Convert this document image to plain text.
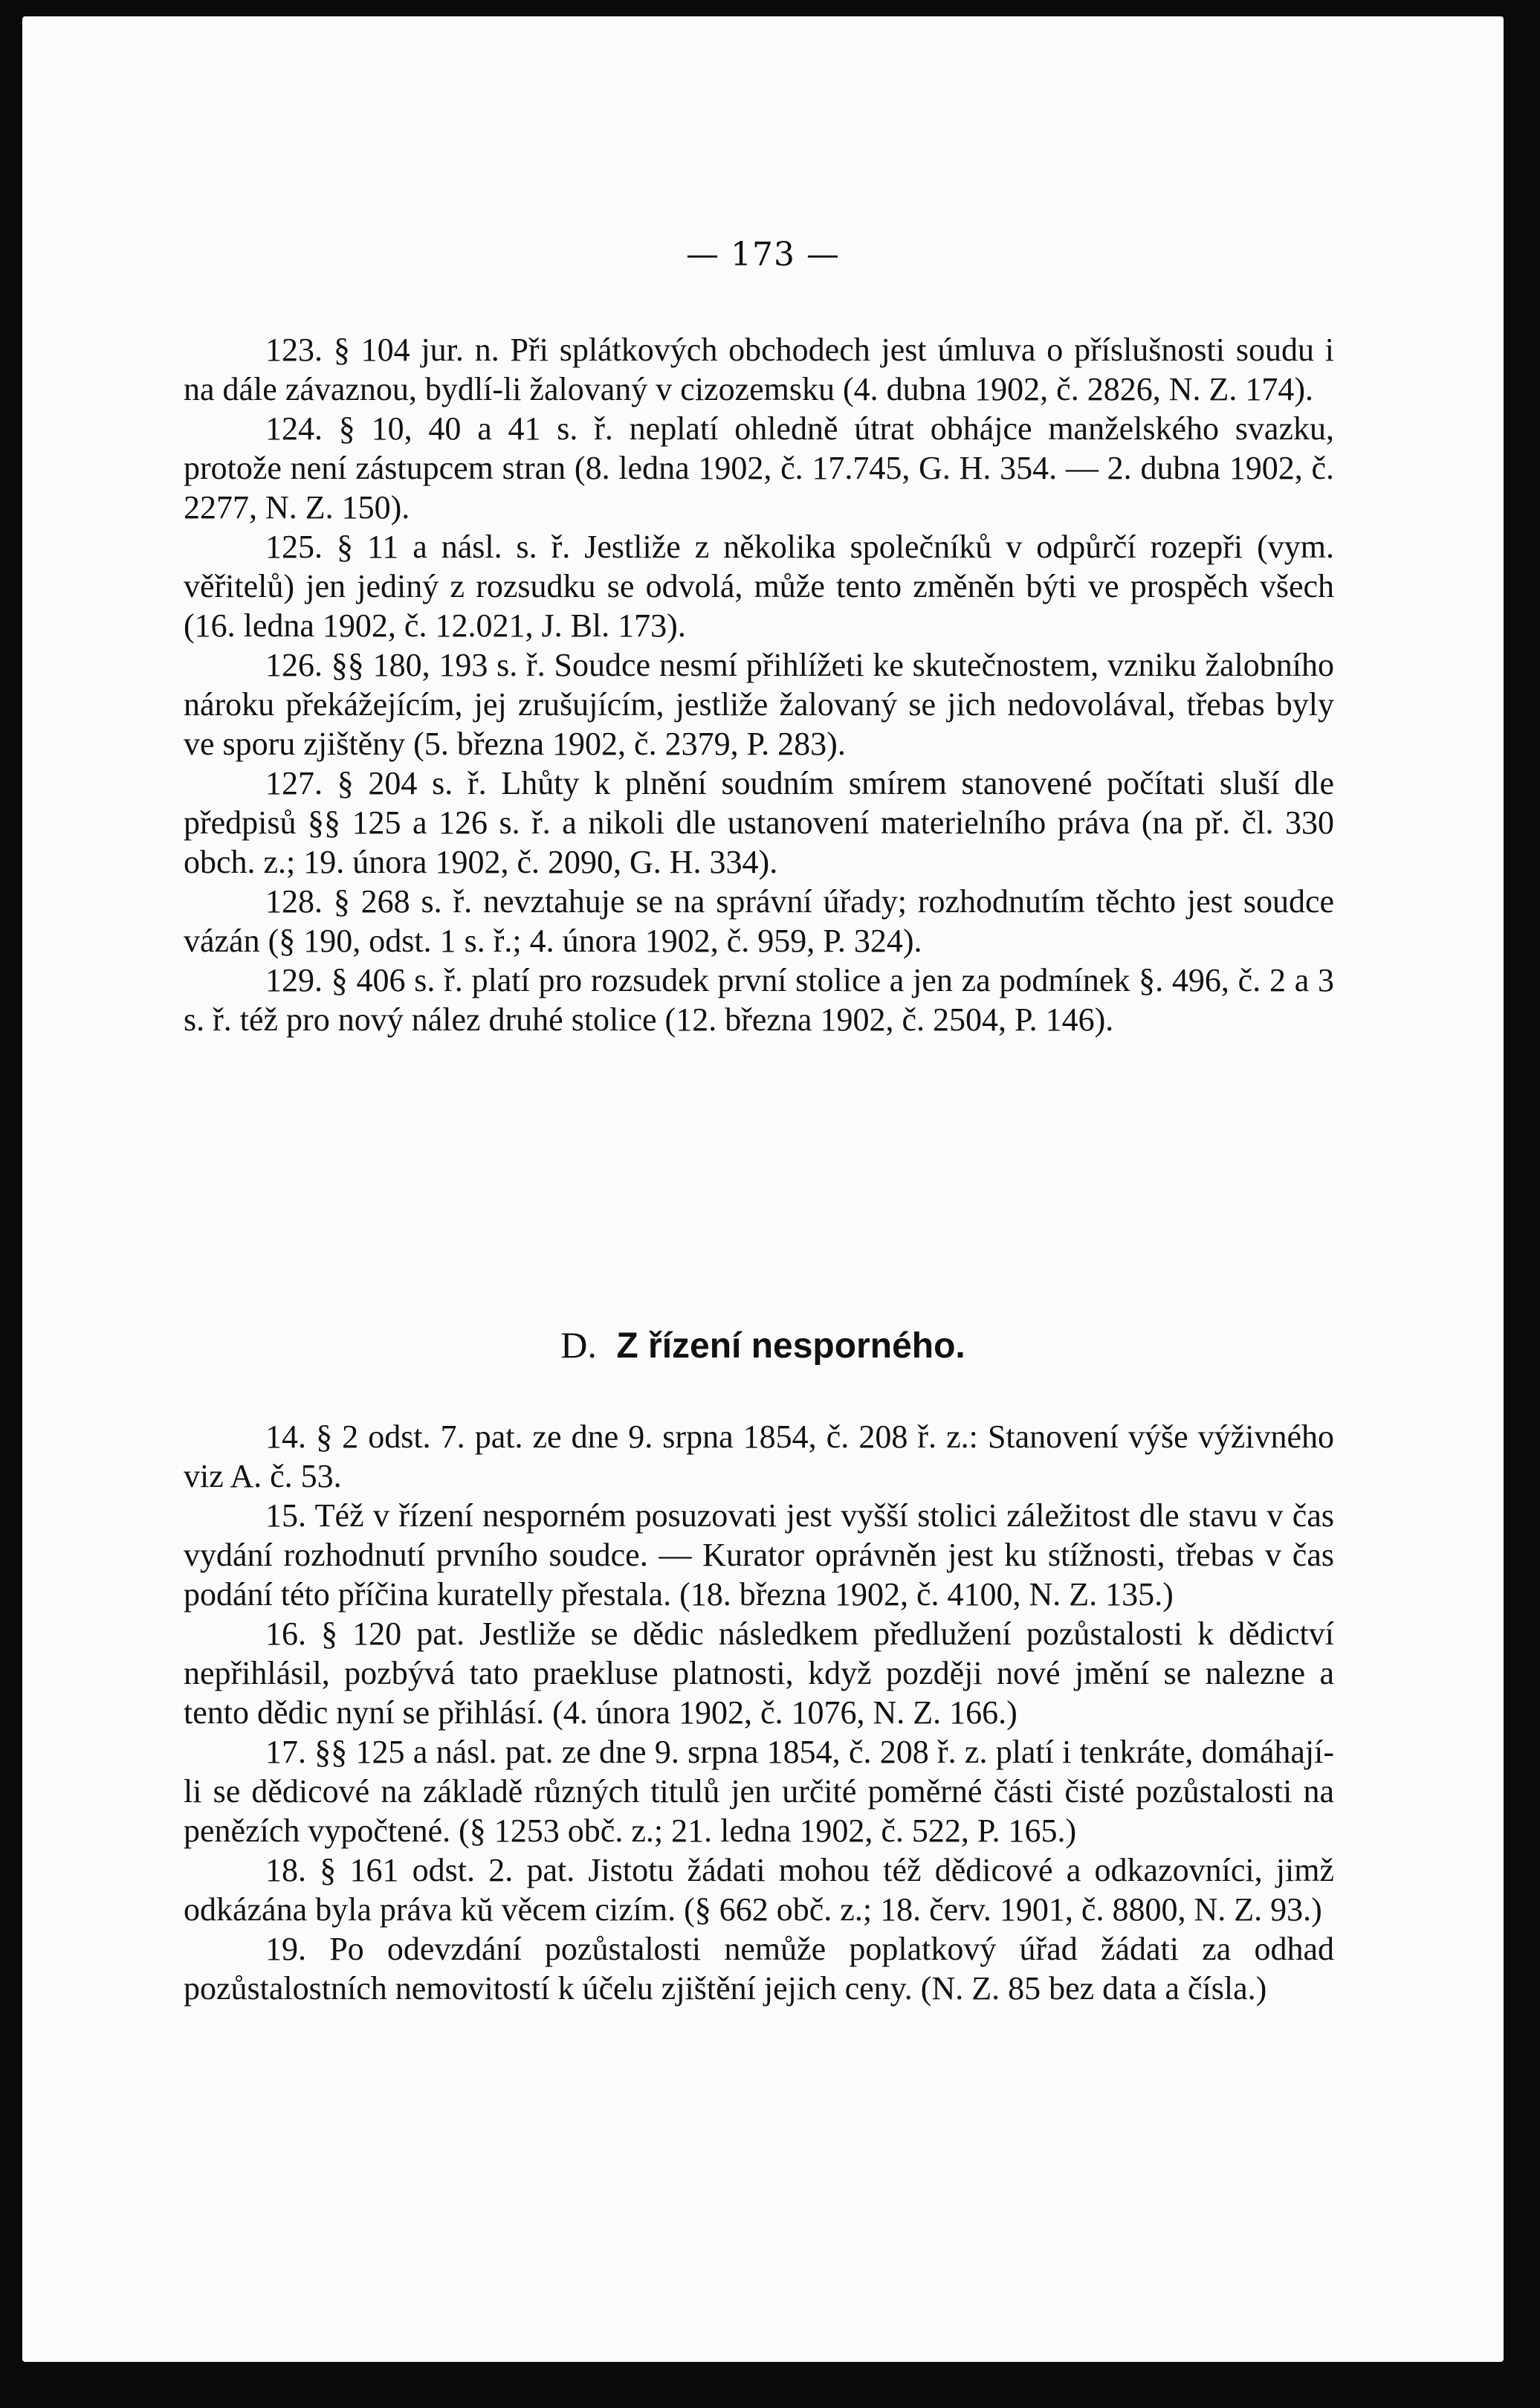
— 173 —

123. § 104 jur. n. Při splátkových obchodech jest úmluva o příslušnosti soudu i na dále závaznou, bydlí-li žalovaný v cizozemsku (4. dubna 1902, č. 2826, N. Z. 174).

124. § 10, 40 a 41 s. ř. neplatí ohledně útrat obhájce manželského svazku, protože není zástupcem stran (8. ledna 1902, č. 17.745, G. H. 354. — 2. dubna 1902, č. 2277, N. Z. 150).

125. § 11 a násl. s. ř. Jestliže z několika společníků v odpůrčí rozepři (vym. věřitelů) jen jediný z rozsudku se odvolá, může tento změněn býti ve prospěch všech (16. ledna 1902, č. 12.021, J. Bl. 173).

126. §§ 180, 193 s. ř. Soudce nesmí přihlížeti ke skutečnostem, vzniku žalobního nároku překážejícím, jej zrušujícím, jestliže žalovaný se jich nedovolával, třebas byly ve sporu zjištěny (5. března 1902, č. 2379, P. 283).

127. § 204 s. ř. Lhůty k plnění soudním smírem stanovené počítati sluší dle předpisů §§ 125 a 126 s. ř. a nikoli dle ustanovení materielního práva (na př. čl. 330 obch. z.; 19. února 1902, č. 2090, G. H. 334).

128. § 268 s. ř. nevztahuje se na správní úřady; rozhodnutím těchto jest soudce vázán (§ 190, odst. 1 s. ř.; 4. února 1902, č. 959, P. 324).

129. § 406 s. ř. platí pro rozsudek první stolice a jen za podmínek §. 496, č. 2 a 3 s. ř. též pro nový nález druhé stolice (12. března 1902, č. 2504, P. 146).

D. Z řízení nesporného.

14. § 2 odst. 7. pat. ze dne 9. srpna 1854, č. 208 ř. z.: Stanovení výše výživného viz A. č. 53.

15. Též v řízení nesporném posuzovati jest vyšší stolici záležitost dle stavu v čas vydání rozhodnutí prvního soudce. — Kurator oprávněn jest ku stížnosti, třebas v čas podání této příčina kuratelly přestala. (18. března 1902, č. 4100, N. Z. 135.)

16. § 120 pat. Jestliže se dědic následkem předlužení pozůstalosti k dědictví nepřihlásil, pozbývá tato praekluse platnosti, když později nové jmění se nalezne a tento dědic nyní se přihlásí. (4. února 1902, č. 1076, N. Z. 166.)

17. §§ 125 a násl. pat. ze dne 9. srpna 1854, č. 208 ř. z. platí i tenkráte, domáhají-li se dědicové na základě různých titulů jen určité poměrné části čisté pozůstalosti na penězích vypočtené. (§ 1253 obč. z.; 21. ledna 1902, č. 522, P. 165.)

18. § 161 odst. 2. pat. Jistotu žádati mohou též dědicové a odkazovníci, jimž odkázána byla práva kŭ věcem cizím. (§ 662 obč. z.; 18. červ. 1901, č. 8800, N. Z. 93.)

19. Po odevzdání pozůstalosti nemůže poplatkový úřad žádati za odhad pozůstalostních nemovitostí k účelu zjištění jejich ceny. (N. Z. 85 bez data a čísla.)
